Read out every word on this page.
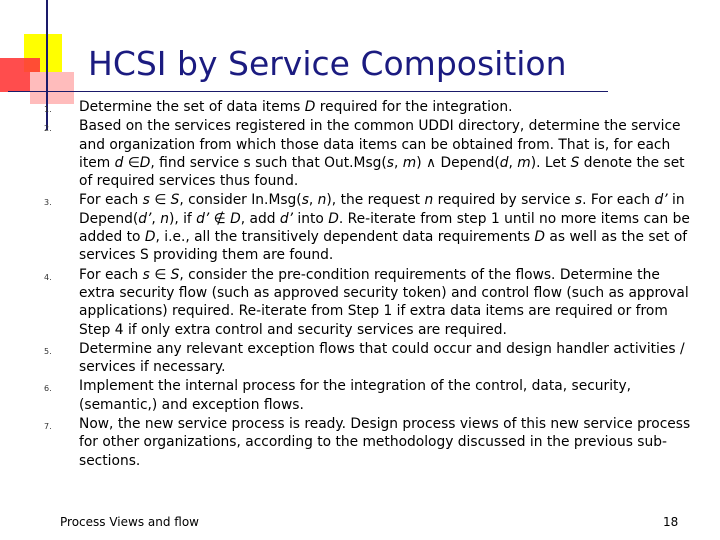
HCSI by Service Composition
1. Determine the set of data items D required for the integration.
2. Based on the services registered in the common UDDI directory, determine the service and organization from which those data items can be obtained from. That is, for each item d ∈D, find service s such that Out.Msg(s, m) ∧ Depend(d, m). Let S denote the set of required services thus found.
3. For each s ∈ S, consider In.Msg(s, n), the request n required by service s. For each d’ in Depend(d’, n), if d’ ∉ D, add d’ into D. Re-iterate from step 1 until no more items can be added to D, i.e., all the transitively dependent data requirements D as well as the set of services S providing them are found.
4. For each s ∈ S, consider the pre-condition requirements of the flows. Determine the extra security flow (such as approved security token) and control flow (such as approval applications) required. Re-iterate from Step 1 if extra data items are required or from Step 4 if only extra control and security services are required.
5. Determine any relevant exception flows that could occur and design handler activities / services if necessary.
6. Implement the internal process for the integration of the control, data, security, (semantic,) and exception flows.
7. Now, the new service process is ready. Design process views of this new service process for other organizations, according to the methodology discussed in the previous sub-sections.
Process Views and flow	18
